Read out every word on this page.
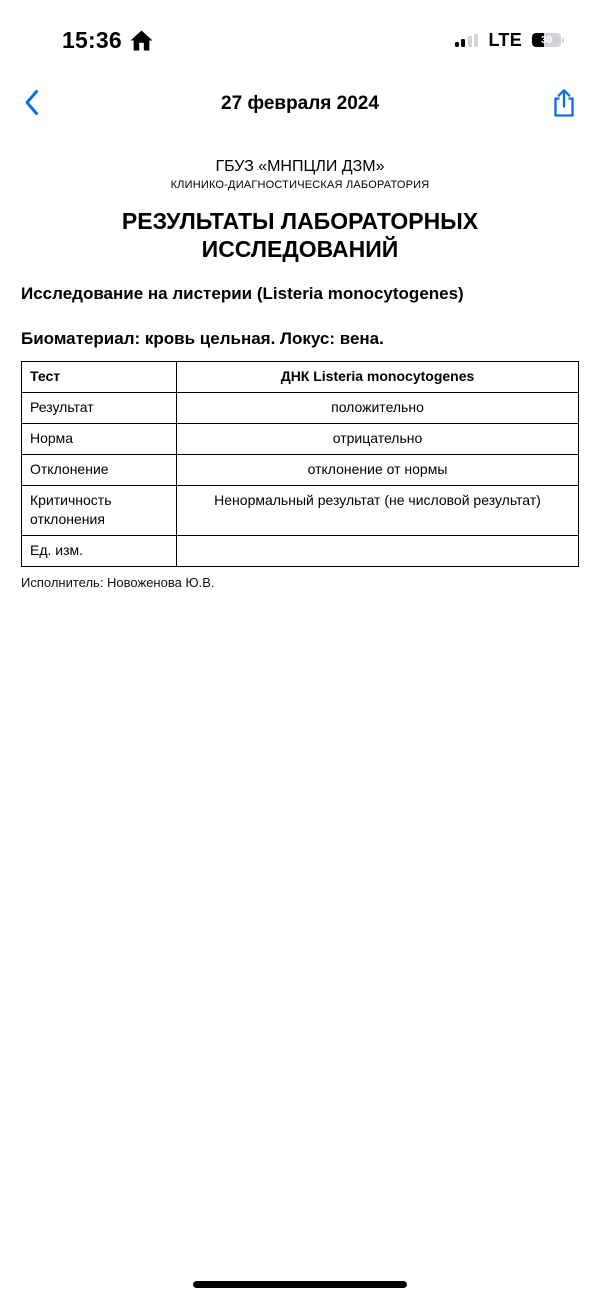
15:36	LTE	30
27 февраля 2024
ГБУЗ «МНПЦЛИ ДЗМ»
КЛИНИКО-ДИАГНОСТИЧЕСКАЯ ЛАБОРАТОРИЯ
РЕЗУЛЬТАТЫ ЛАБОРАТОРНЫХ ИССЛЕДОВАНИЙ
Исследование на листерии (Listeria monocytogenes)
Биоматериал: кровь цельная. Локус: вена.
Тест	ДНК Listeria monocytogenes
Результат	положительно
Норма	отрицательно
Отклонение	отклонение от нормы
Критичность отклонения	Ненормальный результат (не числовой результат)
Ед. изм.	
Исполнитель: Новоженова Ю.В.
